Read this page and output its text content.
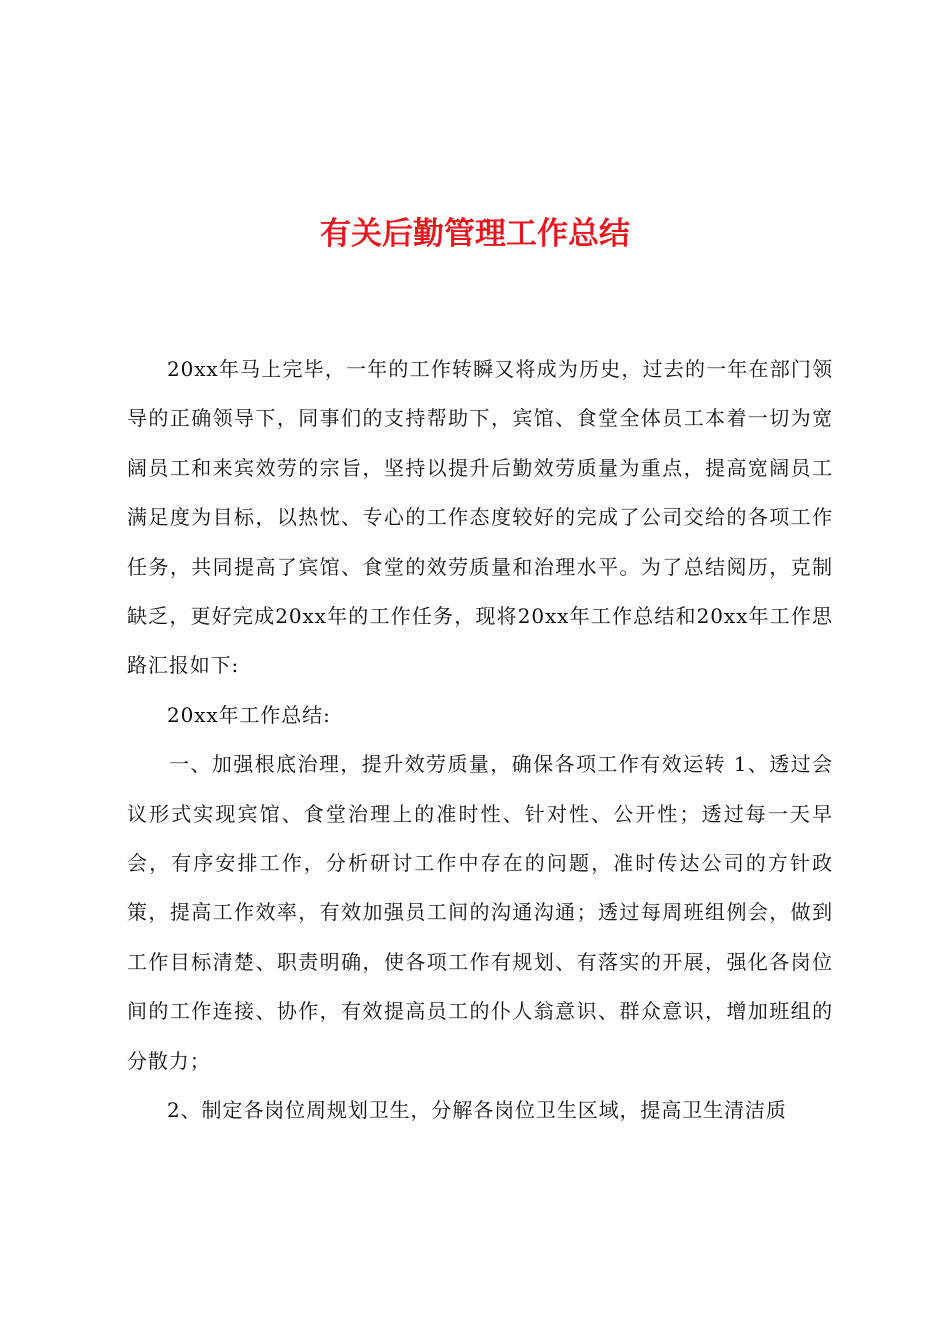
有关后勤管理工作总结

20xx年马上完毕，一年的工作转瞬又将成为历史，过去的一年在部门领导的正确领导下，同事们的支持帮助下，宾馆、食堂全体员工本着一切为宽阔员工和来宾效劳的宗旨，坚持以提升后勤效劳质量为重点，提高宽阔员工满足度为目标，以热忱、专心的工作态度较好的完成了公司交给的各项工作任务，共同提高了宾馆、食堂的效劳质量和治理水平。为了总结阅历，克制缺乏，更好完成20xx年的工作任务，现将20xx年工作总结和20xx年工作思路汇报如下:

20xx年工作总结:

一、加强根底治理，提升效劳质量，确保各项工作有效运转 1、透过会议形式实现宾馆、食堂治理上的准时性、针对性、公开性；透过每一天早会，有序安排工作，分析研讨工作中存在的问题，准时传达公司的方针政策，提高工作效率，有效加强员工间的沟通沟通；透过每周班组例会，做到工作目标清楚、职责明确，使各项工作有规划、有落实的开展，强化各岗位间的工作连接、协作，有效提高员工的仆人翁意识、群众意识，增加班组的分散力；

2、制定各岗位周规划卫生，分解各岗位卫生区域，提高卫生清洁质
